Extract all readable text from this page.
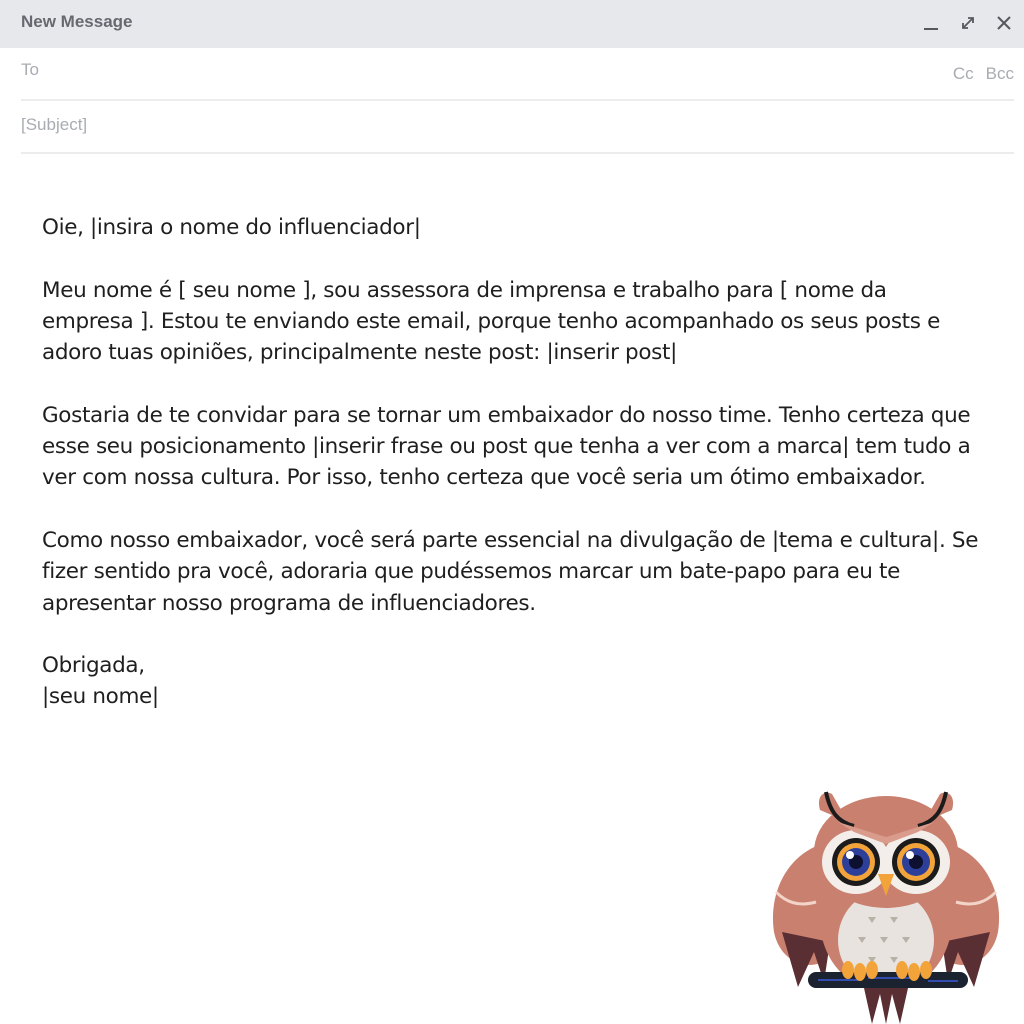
New Message
To
Cc Bcc
[Subject]

Oie, |insira o nome do influenciador|

Meu nome é [ seu nome ], sou assessora de imprensa e trabalho para [ nome da empresa ]. Estou te enviando este email, porque tenho acompanhado os seus posts e adoro tuas opiniões, principalmente neste post: |inserir post|

Gostaria de te convidar para se tornar um embaixador do nosso time. Tenho certeza que esse seu posicionamento |inserir frase ou post que tenha a ver com a marca| tem tudo a ver com nossa cultura. Por isso, tenho certeza que você seria um ótimo embaixador.

Como nosso embaixador, você será parte essencial na divulgação de |tema e cultura|. Se fizer sentido pra você, adoraria que pudéssemos marcar um bate-papo para eu te apresentar nosso programa de influenciadores.

Obrigada,
|seu nome|
